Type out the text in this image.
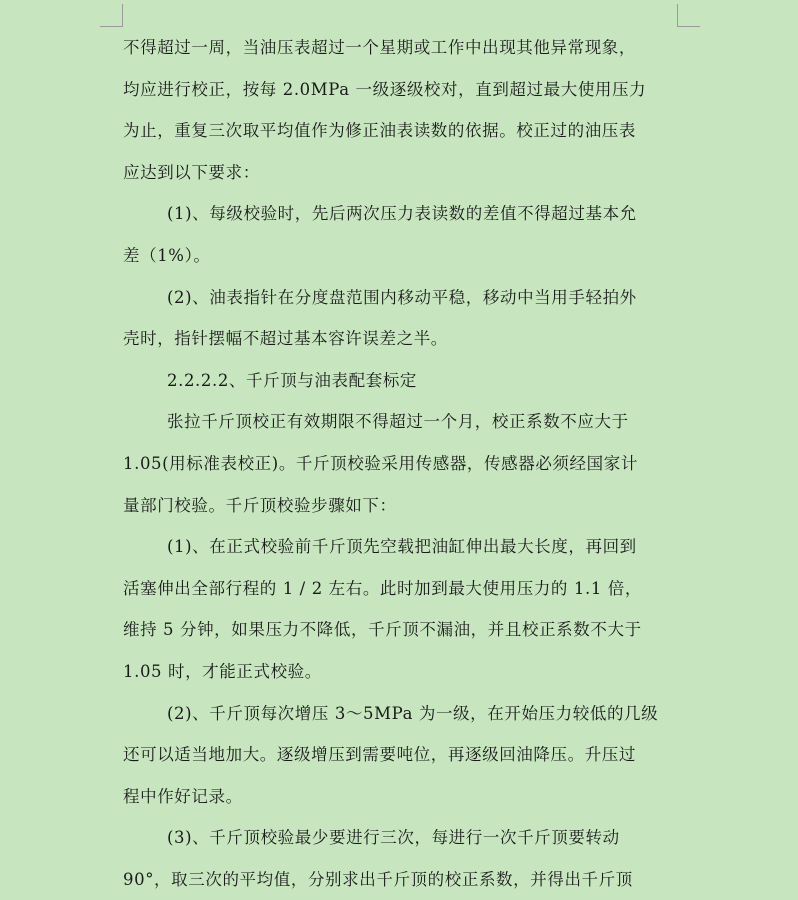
不得超过一周，当油压表超过一个星期或工作中出现其他异常现象，
均应进行校正，按每 2.0MPa 一级逐级校对，直到超过最大使用压力
为止，重复三次取平均值作为修正油表读数的依据。校正过的油压表
应达到以下要求：
(1)、每级校验时，先后两次压力表读数的差值不得超过基本允
差（1%）。
(2)、油表指针在分度盘范围内移动平稳，移动中当用手轻拍外
壳时，指针摆幅不超过基本容许误差之半。
2.2.2.2、千斤顶与油表配套标定
张拉千斤顶校正有效期限不得超过一个月，校正系数不应大于
1.05(用标准表校正)。千斤顶校验采用传感器，传感器必须经国家计
量部门校验。千斤顶校验步骤如下：
(1)、在正式校验前千斤顶先空载把油缸伸出最大长度，再回到
活塞伸出全部行程的 1 / 2 左右。此时加到最大使用压力的 1.1 倍，
维持 5 分钟，如果压力不降低，千斤顶不漏油，并且校正系数不大于
1.05 时，才能正式校验。
(2)、千斤顶每次增压 3～5MPa 为一级，在开始压力较低的几级
还可以适当地加大。逐级增压到需要吨位，再逐级回油降压。升压过
程中作好记录。
(3)、千斤顶校验最少要进行三次，每进行一次千斤顶要转动
90°，取三次的平均值，分别求出千斤顶的校正系数，并得出千斤顶
